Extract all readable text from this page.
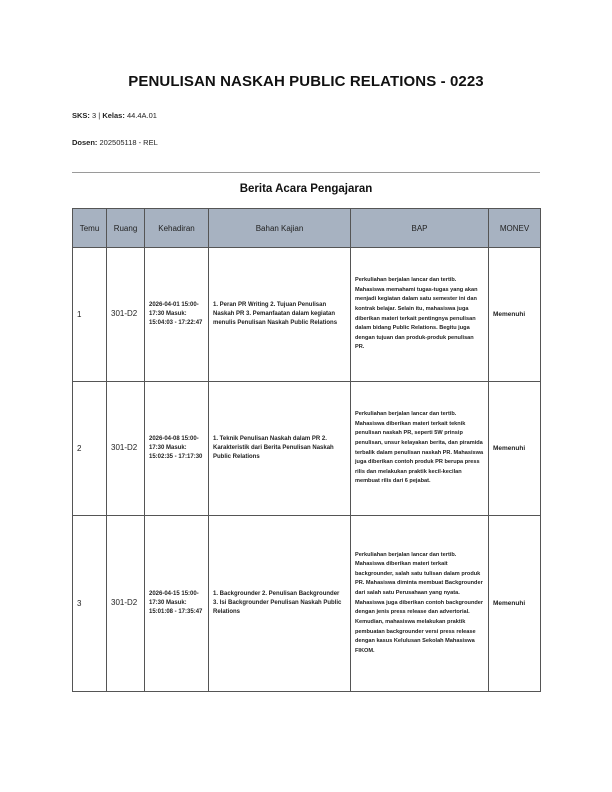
PENULISAN NASKAH PUBLIC RELATIONS - 0223
SKS: 3 | Kelas: 44.4A.01
Dosen: 202505118 - REL
Berita Acara Pengajaran
Temu	Ruang	Kehadiran	Bahan Kajian	BAP	MONEV
1	301-D2	2026-04-01 15:00-17:30 Masuk: 15:04:03 - 17:22:47	1. Peran PR Writing 2. Tujuan Penulisan Naskah PR 3. Pemanfaatan dalam kegiatan menulis Penulisan Naskah Public Relations	Perkuliahan berjalan lancar dan tertib. Mahasiswa memahami tugas-tugas yang akan menjadi kegiatan dalam satu semester ini dan kontrak belajar. Selain itu, mahasiswa juga diberikan materi terkait pentingnya penulisan dalam bidang Public Relations. Begitu juga dengan tujuan dan produk-produk penulisan PR.	Memenuhi
2	301-D2	2026-04-08 15:00-17:30 Masuk: 15:02:35 - 17:17:30	1. Teknik Penulisan Naskah dalam PR 2. Karakteristik dari Berita Penulisan Naskah Public Relations	Perkuliahan berjalan lancar dan tertib. Mahasiswa diberikan materi terkait teknik penulisan naskah PR, seperti 5W prinsip penulisan, unsur kelayakan berita, dan piramida terbalik dalam penulisan naskah PR. Mahasiswa juga diberikan contoh produk PR berupa press rilis dan melakukan praktik kecil-kecilan membuat rilis dari 6 pejabat.	Memenuhi
3	301-D2	2026-04-15 15:00-17:30 Masuk: 15:01:08 - 17:35:47	1. Backgrounder 2. Penulisan Backgrounder 3. Isi Backgrounder Penulisan Naskah Public Relations	Perkuliahan berjalan lancar dan tertib. Mahasiswa diberikan materi terkait backgrounder, salah satu tulisan dalam produk PR. Mahasiswa diminta membuat Backgrounder dari salah satu Perusahaan yang nyata. Mahasiswa juga diberikan contoh backgrounder dengan jenis press release dan advertorial. Kemudian, mahasiswa melakukan praktik pembuatan backgrounder versi press release dengan kasus Kelulusan Sekolah Mahasiswa FIKOM.	Memenuhi
